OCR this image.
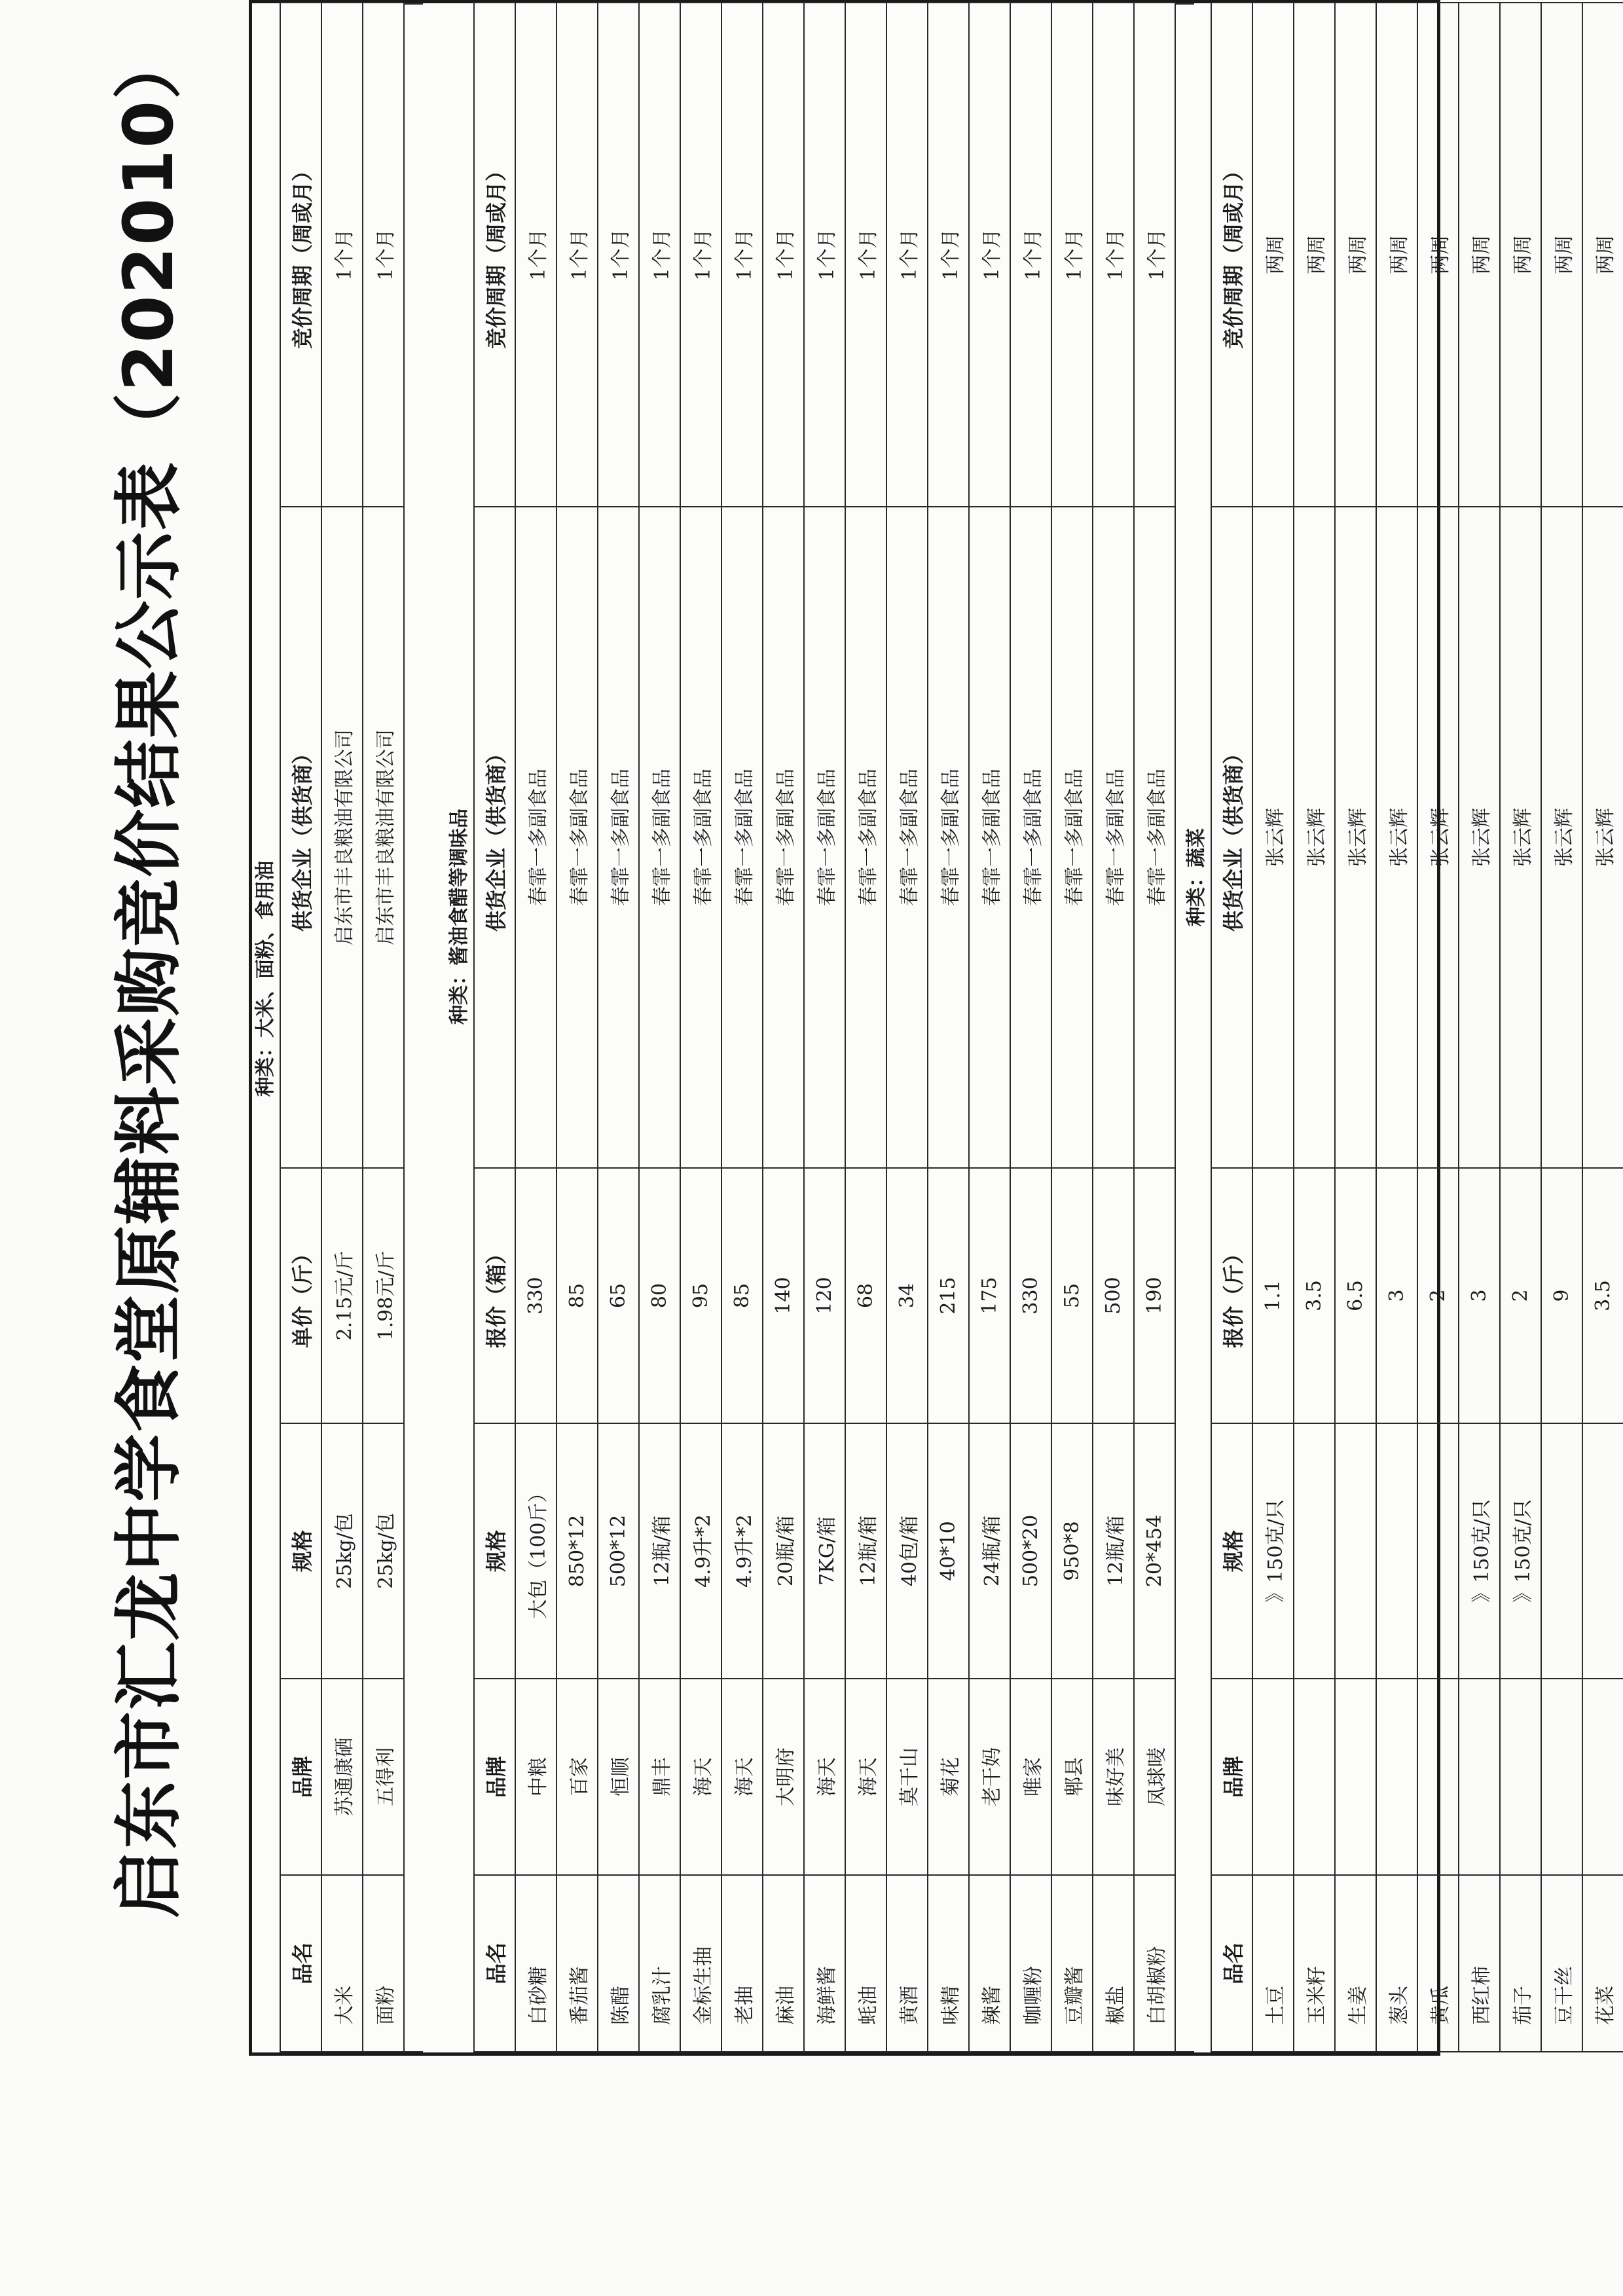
启东市汇龙中学食堂原辅料采购竞价结果公示表（202010）	种类：大米、面粉、食用油
品名	品牌	规格	单价（斤）	供货企业（供货商）	竞价周期（周或月）
大米	苏通康硒	25kg/包	2.15元/斤	启东市丰良粮油有限公司	1个月
面粉	五得利	25kg/包	1.98元/斤	启东市丰良粮油有限公司	1个月
种类：酱油食醋等调味品
品名	品牌	规格	报价（箱）	供货企业（供货商）	竞价周期（周或月）
白砂糖	中粮	大包（100斤）	330	春霏一多副食品	1个月
番茄酱	百家	850*12	85	春霏一多副食品	1个月
陈醋	恒顺	500*12	65	春霏一多副食品	1个月
腐乳汁	鼎丰	12瓶/箱	80	春霏一多副食品	1个月
金标生抽	海天	4.9升*2	95	春霏一多副食品	1个月
老抽	海天	4.9升*2	85	春霏一多副食品	1个月
麻油	大明府	20瓶/箱	140	春霏一多副食品	1个月
海鲜酱	海天	7KG/箱	120	春霏一多副食品	1个月
蚝油	海天	12瓶/箱	68	春霏一多副食品	1个月
黄酒	莫干山	40包/箱	34	春霏一多副食品	1个月
味精	菊花	40*10	215	春霏一多副食品	1个月
辣酱	老干妈	24瓶/箱	175	春霏一多副食品	1个月
咖喱粉	唯家	500*20	330	春霏一多副食品	1个月
豆瓣酱	郫县	950*8	55	春霏一多副食品	1个月
椒盐	味好美	12瓶/箱	500	春霏一多副食品	1个月
白胡椒粉	凤球唛	20*454	190	春霏一多副食品	1个月
种类：蔬菜
品名	品牌	规格	报价（斤）	供货企业（供货商）	竞价周期（周或月）
土豆		》150克/只	1.1	张云辉	两周
玉米籽			3.5	张云辉	两周
生姜			6.5	张云辉	两周
葱头			3	张云辉	两周
黄瓜			2	张云辉	两周
西红柿		》150克/只	3	张云辉	两周
茄子		》150克/只	2	张云辉	两周
豆干丝			9	张云辉	两周
花菜			3.5	张云辉	两周
